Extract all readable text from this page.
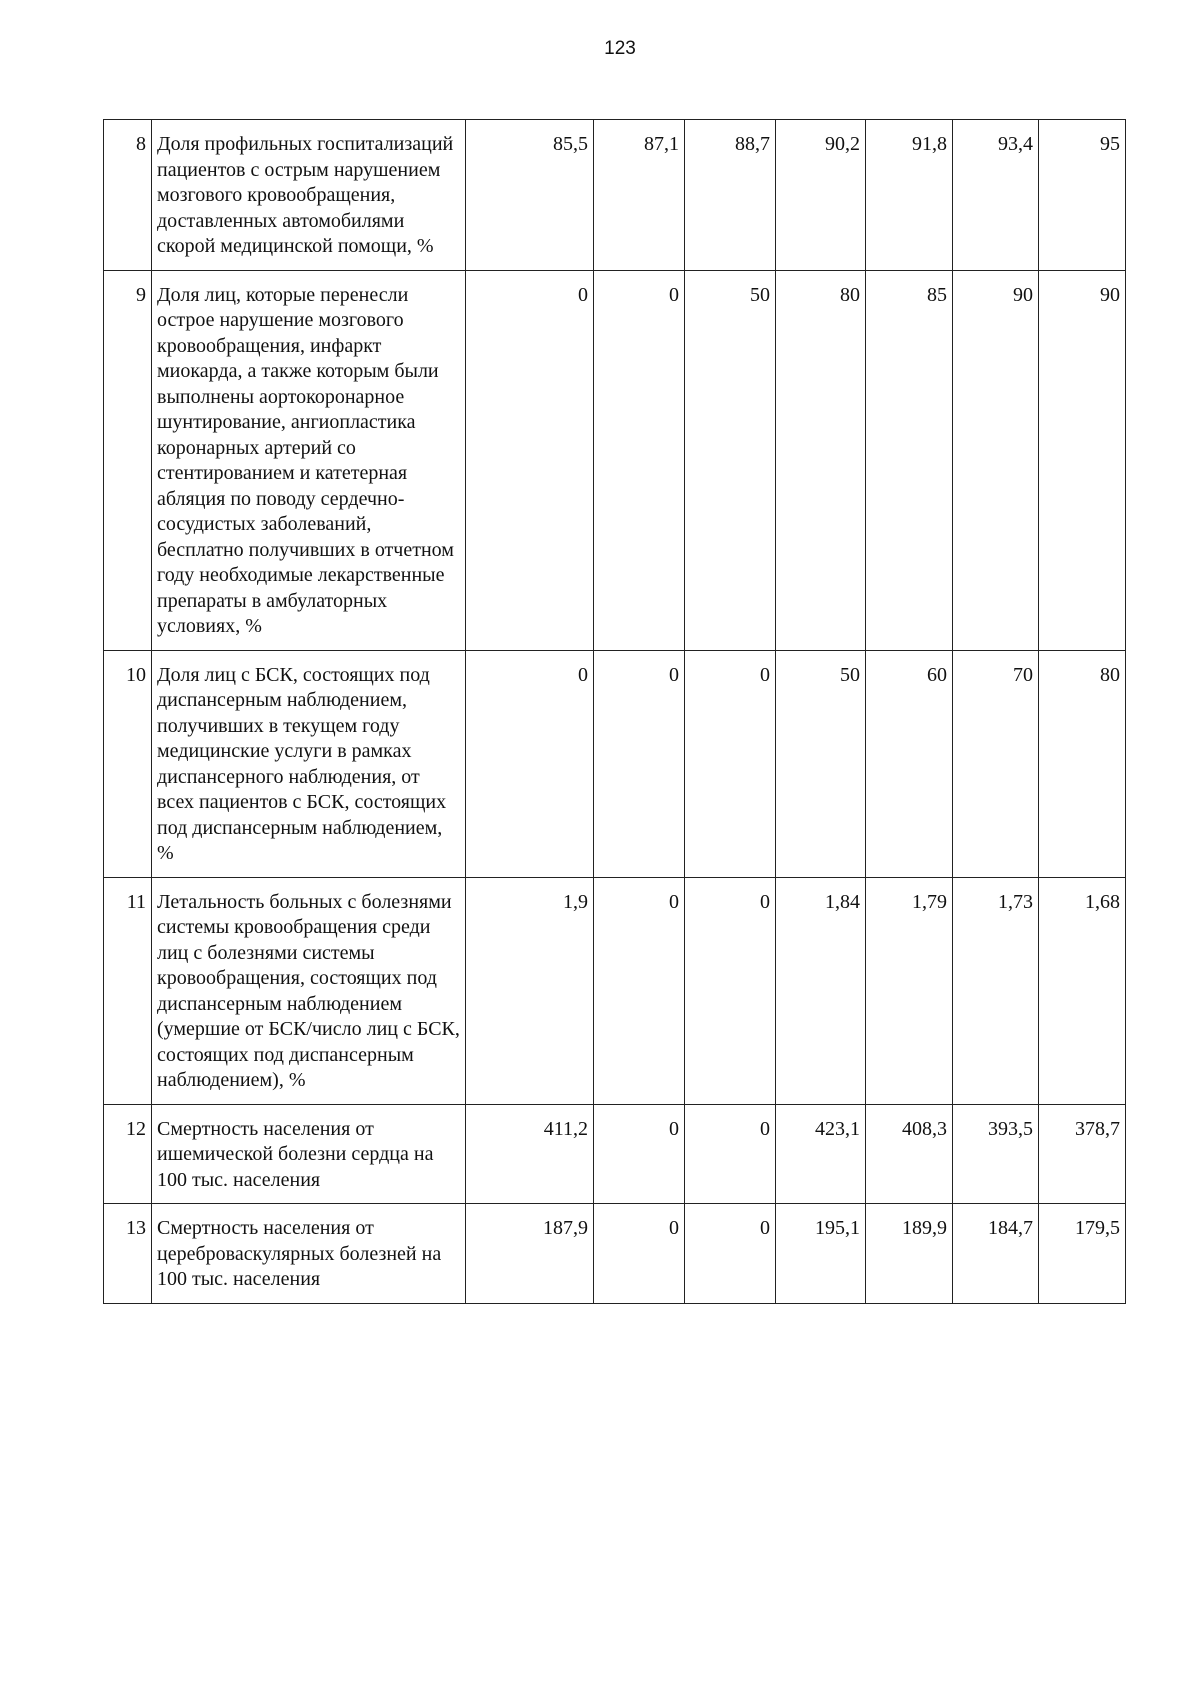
123
8	Доля профильных госпитализаций пациентов с острым нарушением мозгового кровообращения, доставленных автомобилями скорой медицинской помощи, %	85,5	87,1	88,7	90,2	91,8	93,4	95
9	Доля лиц, которые перенесли острое нарушение мозгового кровообращения, инфаркт миокарда, а также которым были выполнены аортокоронарное шунтирование, ангиопластика коронарных артерий со стентированием и катетерная абляция по поводу сердечно-сосудистых заболеваний, бесплатно получивших в отчетном году необходимые лекарственные препараты в амбулаторных условиях, %	0	0	50	80	85	90	90
10	Доля лиц с БСК, состоящих под диспансерным наблюдением, получивших в текущем году медицинские услуги в рамках диспансерного наблюдения, от всех пациентов с БСК, состоящих под диспансерным наблюдением, %	0	0	0	50	60	70	80
11	Летальность больных с болезнями системы кровообращения среди лиц с болезнями системы кровообращения, состоящих под диспансерным наблюдением (умершие от БСК/число лиц с БСК, состоящих под диспансерным наблюдением), %	1,9	0	0	1,84	1,79	1,73	1,68
12	Смертность населения от ишемической болезни сердца на 100 тыс. населения	411,2	0	0	423,1	408,3	393,5	378,7
13	Смертность населения от цереброваскулярных болезней на 100 тыс. населения	187,9	0	0	195,1	189,9	184,7	179,5
